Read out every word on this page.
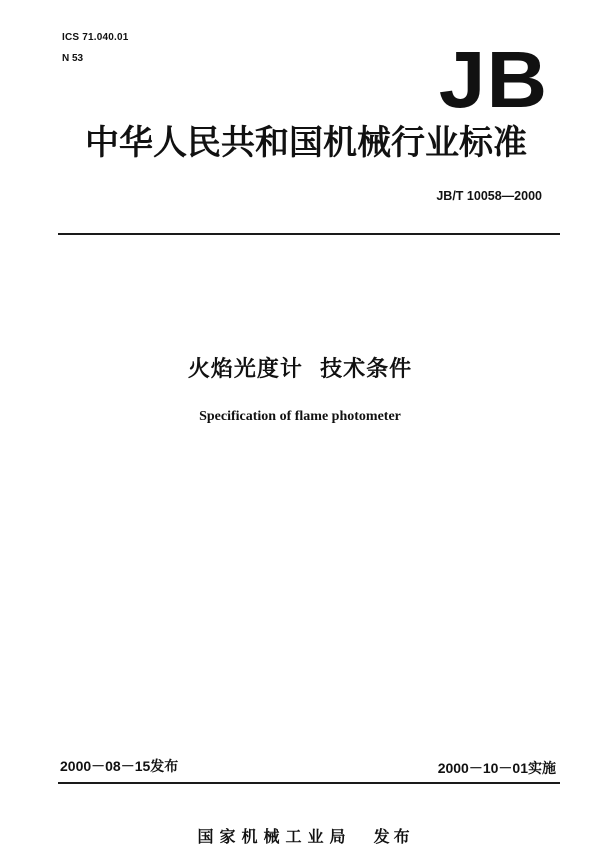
ICS 71.040.01
N 53	JB
中华人民共和国机械行业标准
JB/T 10058—2000
火焰光度计  技术条件
Specification of flame photometer
2000－08－15发布	2000－10－01实施

国家机械工业局 发布
